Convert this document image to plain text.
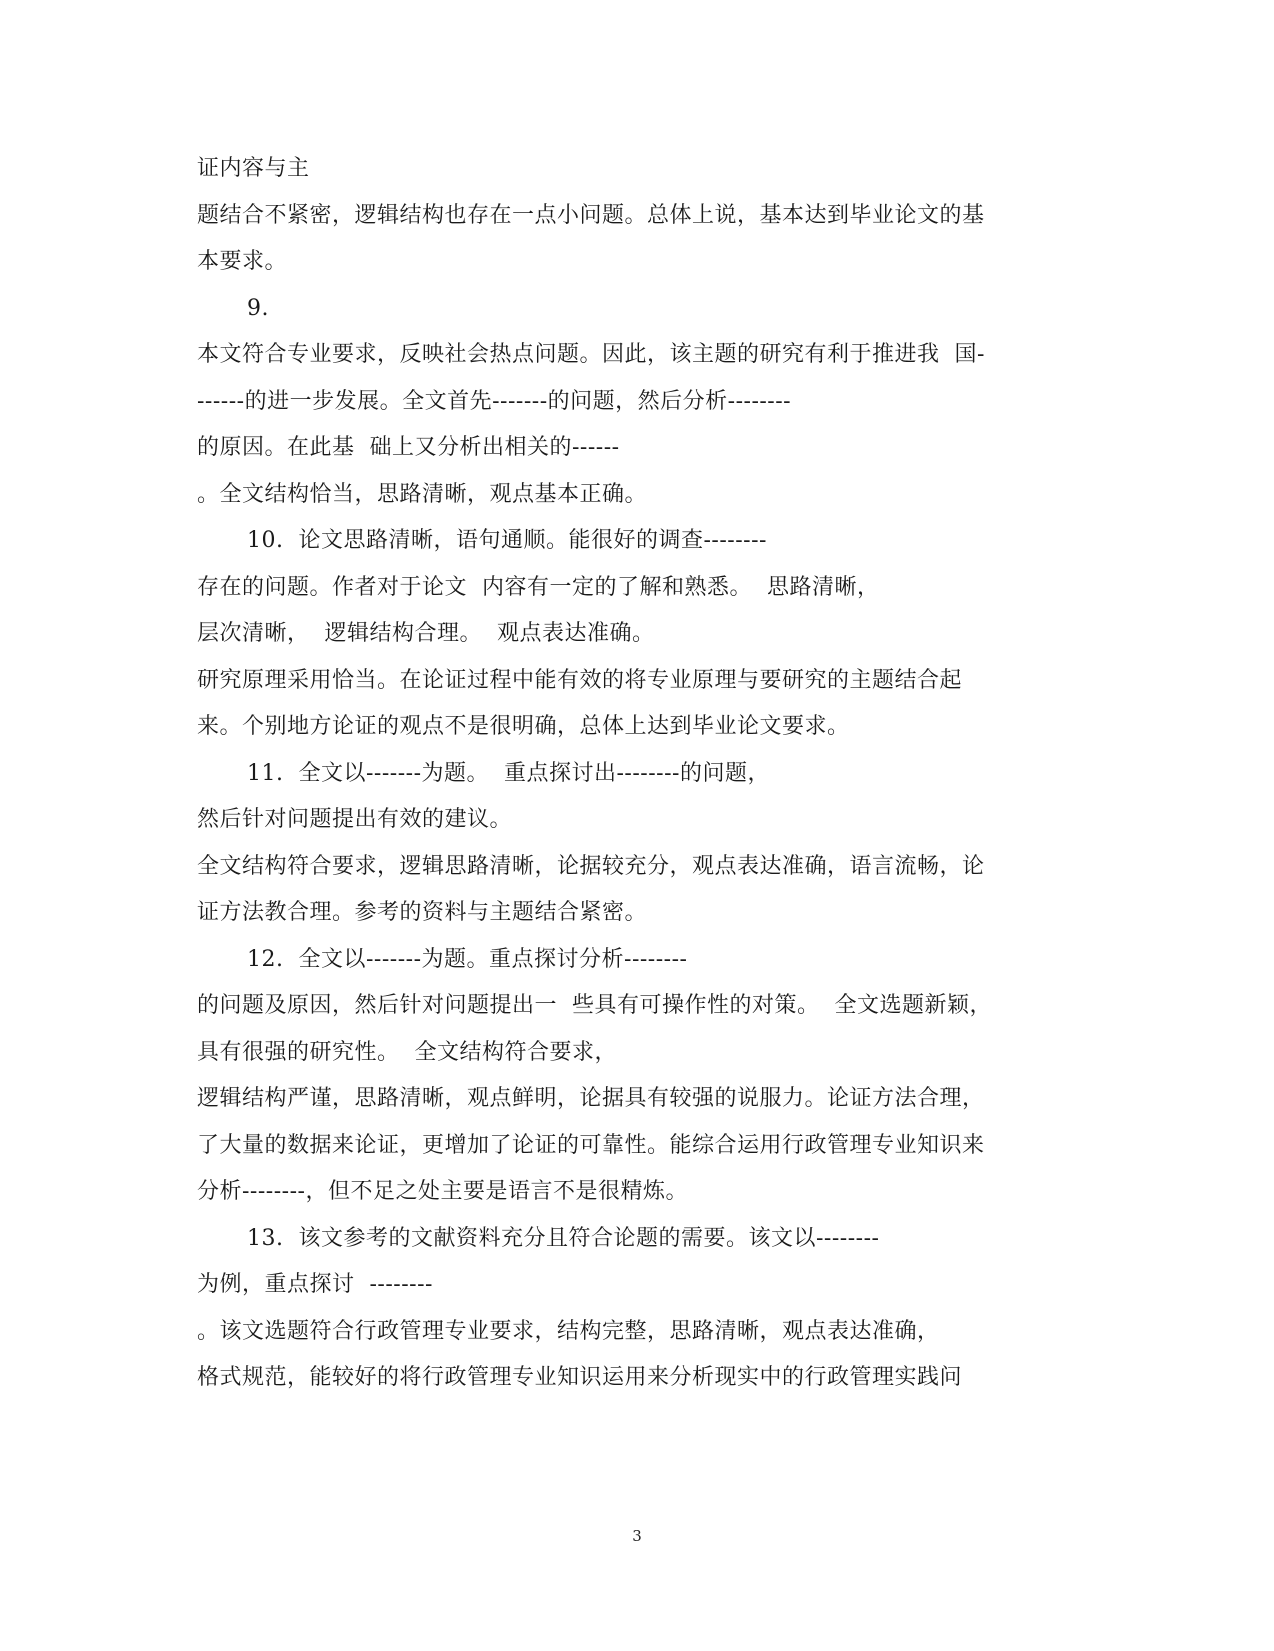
证内容与主
题结合不紧密，逻辑结构也存在一点小问题。总体上说，基本达到毕业论文的基
本要求。
9.
本文符合专业要求，反映社会热点问题。因此，该主题的研究有利于推进我  国-
------的进一步发展。全文首先-------的问题，然后分析--------
的原因。在此基  础上又分析出相关的------
。全文结构恰当，思路清晰，观点基本正确。
10.  论文思路清晰，语句通顺。能很好的调查--------
存在的问题。作者对于论文  内容有一定的了解和熟悉。  思路清晰，
层次清晰，  逻辑结构合理。  观点表达准确。
研究原理采用恰当。在论证过程中能有效的将专业原理与要研究的主题结合起
来。个别地方论证的观点不是很明确，总体上达到毕业论文要求。
11.  全文以-------为题。  重点探讨出--------的问题，
然后针对问题提出有效的建议。
全文结构符合要求，逻辑思路清晰，论据较充分，观点表达准确，语言流畅，论
证方法教合理。参考的资料与主题结合紧密。
12.  全文以-------为题。重点探讨分析--------
的问题及原因，然后针对问题提出一  些具有可操作性的对策。  全文选题新颖，
具有很强的研究性。  全文结构符合要求，
逻辑结构严谨，思路清晰，观点鲜明，论据具有较强的说服力。论证方法合理，
了大量的数据来论证，更增加了论证的可靠性。能综合运用行政管理专业知识来
分析--------，但不足之处主要是语言不是很精炼。
13.  该文参考的文献资料充分且符合论题的需要。该文以--------
为例，重点探讨  --------
。该文选题符合行政管理专业要求，结构完整，思路清晰，观点表达准确，
格式规范，能较好的将行政管理专业知识运用来分析现实中的行政管理实践问
3
